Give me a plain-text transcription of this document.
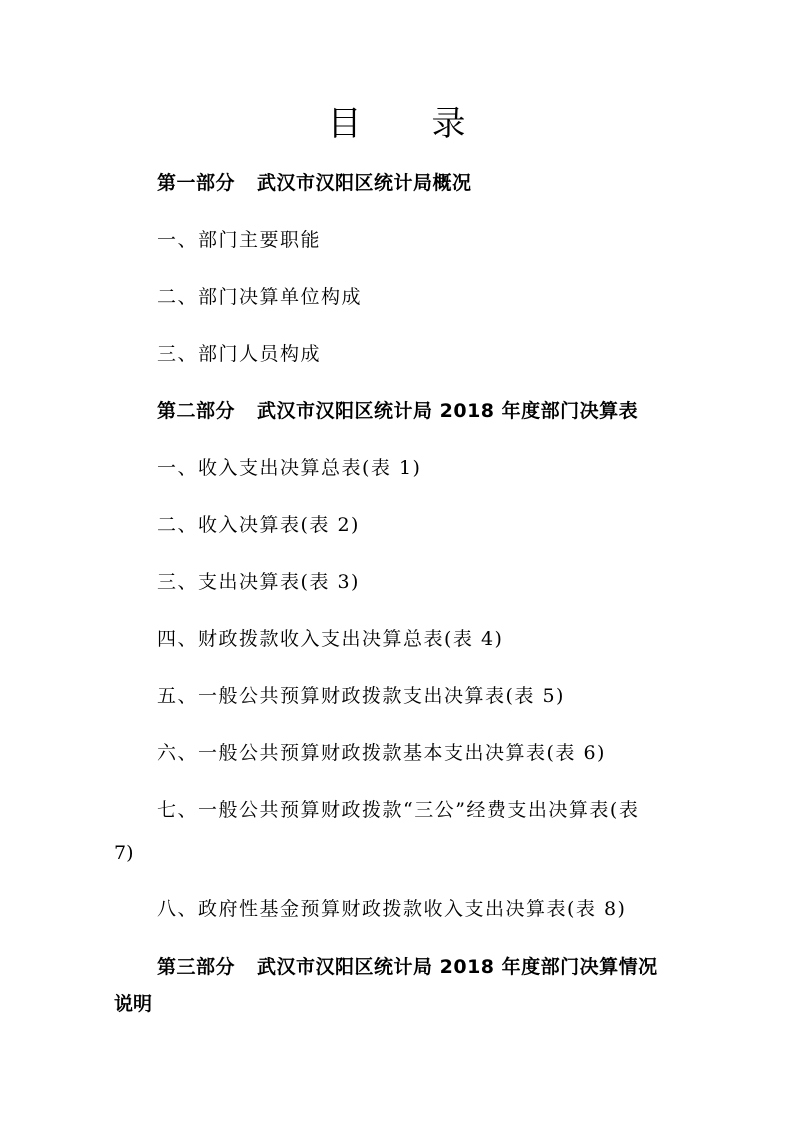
目 录
第一部分 武汉市汉阳区统计局概况
一、部门主要职能
二、部门决算单位构成
三、部门人员构成
第二部分 武汉市汉阳区统计局 2018 年度部门决算表
一、收入支出决算总表(表 1)
二、收入决算表(表 2)
三、支出决算表(表 3)
四、财政拨款收入支出决算总表(表 4)
五、一般公共预算财政拨款支出决算表(表 5)
六、一般公共预算财政拨款基本支出决算表(表 6)
七、一般公共预算财政拨款“三公”经费支出决算表(表
7)
八、政府性基金预算财政拨款收入支出决算表(表 8)
第三部分 武汉市汉阳区统计局 2018 年度部门决算情况
说明
